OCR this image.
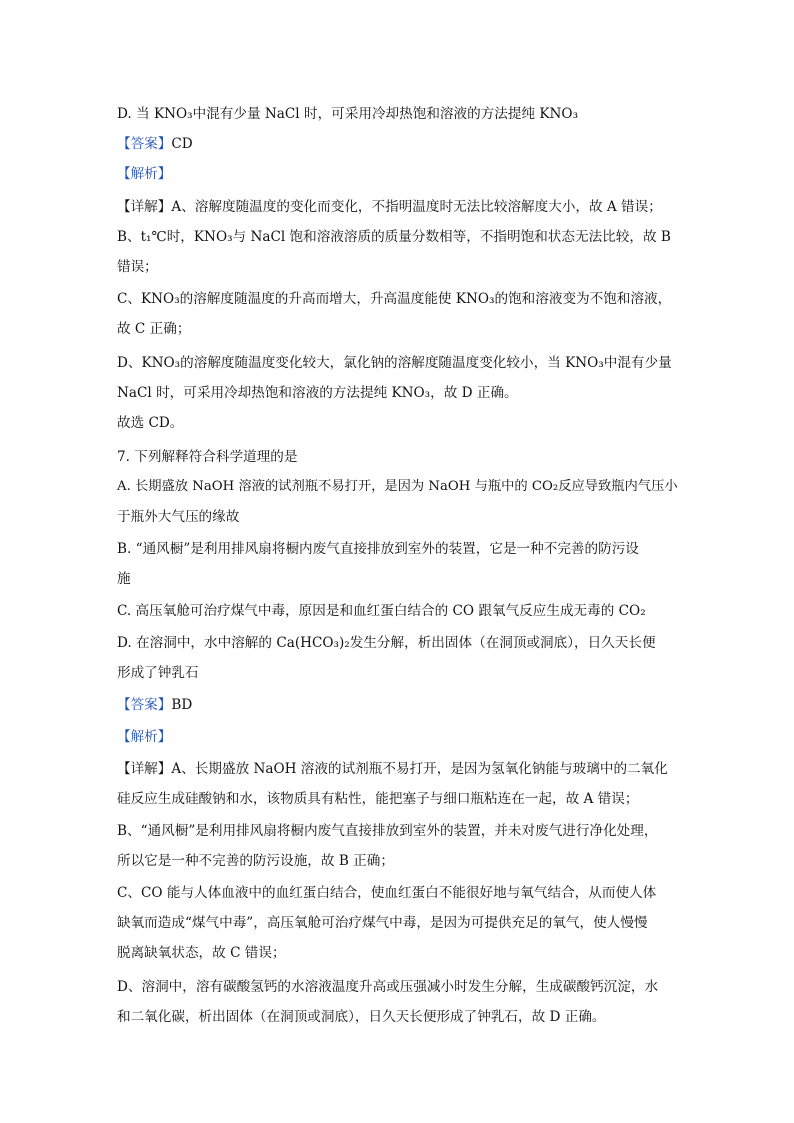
D. 当 KNO₃中混有少量 NaCl 时，可采用冷却热饱和溶液的方法提纯 KNO₃
【答案】CD
【解析】
【详解】A、溶解度随温度的变化而变化，不指明温度时无法比较溶解度大小，故 A 错误；
B、t₁℃时，KNO₃与 NaCl 饱和溶液溶质的质量分数相等，不指明饱和状态无法比较，故 B
错误；
C、KNO₃的溶解度随温度的升高而增大，升高温度能使 KNO₃的饱和溶液变为不饱和溶液，
故 C 正确；
D、KNO₃的溶解度随温度变化较大，氯化钠的溶解度随温度变化较小，当 KNO₃中混有少量
NaCl 时，可采用冷却热饱和溶液的方法提纯 KNO₃，故 D 正确。
故选 CD。
7. 下列解释符合科学道理的是
A. 长期盛放 NaOH 溶液的试剂瓶不易打开，是因为 NaOH 与瓶中的 CO₂反应导致瓶内气压小
于瓶外大气压的缘故
B. “通风橱”是利用排风扇将橱内废气直接排放到室外的装置，它是一种不完善的防污设
施
C. 高压氧舱可治疗煤气中毒，原因是和血红蛋白结合的 CO 跟氧气反应生成无毒的 CO₂
D. 在溶洞中，水中溶解的 Ca(HCO₃)₂发生分解，析出固体（在洞顶或洞底），日久天长便
形成了钟乳石
【答案】BD
【解析】
【详解】A、长期盛放 NaOH 溶液的试剂瓶不易打开，是因为氢氧化钠能与玻璃中的二氧化
硅反应生成硅酸钠和水，该物质具有粘性，能把塞子与细口瓶粘连在一起，故 A 错误；
B、“通风橱”是利用排风扇将橱内废气直接排放到室外的装置，并未对废气进行净化处理，
所以它是一种不完善的防污设施，故 B 正确；
C、CO 能与人体血液中的血红蛋白结合，使血红蛋白不能很好地与氧气结合，从而使人体
缺氧而造成“煤气中毒”，高压氧舱可治疗煤气中毒，是因为可提供充足的氧气，使人慢慢
脱离缺氧状态，故 C 错误；
D、溶洞中，溶有碳酸氢钙的水溶液温度升高或压强减小时发生分解，生成碳酸钙沉淀，水
和二氧化碳，析出固体（在洞顶或洞底），日久天长便形成了钟乳石，故 D 正确。
